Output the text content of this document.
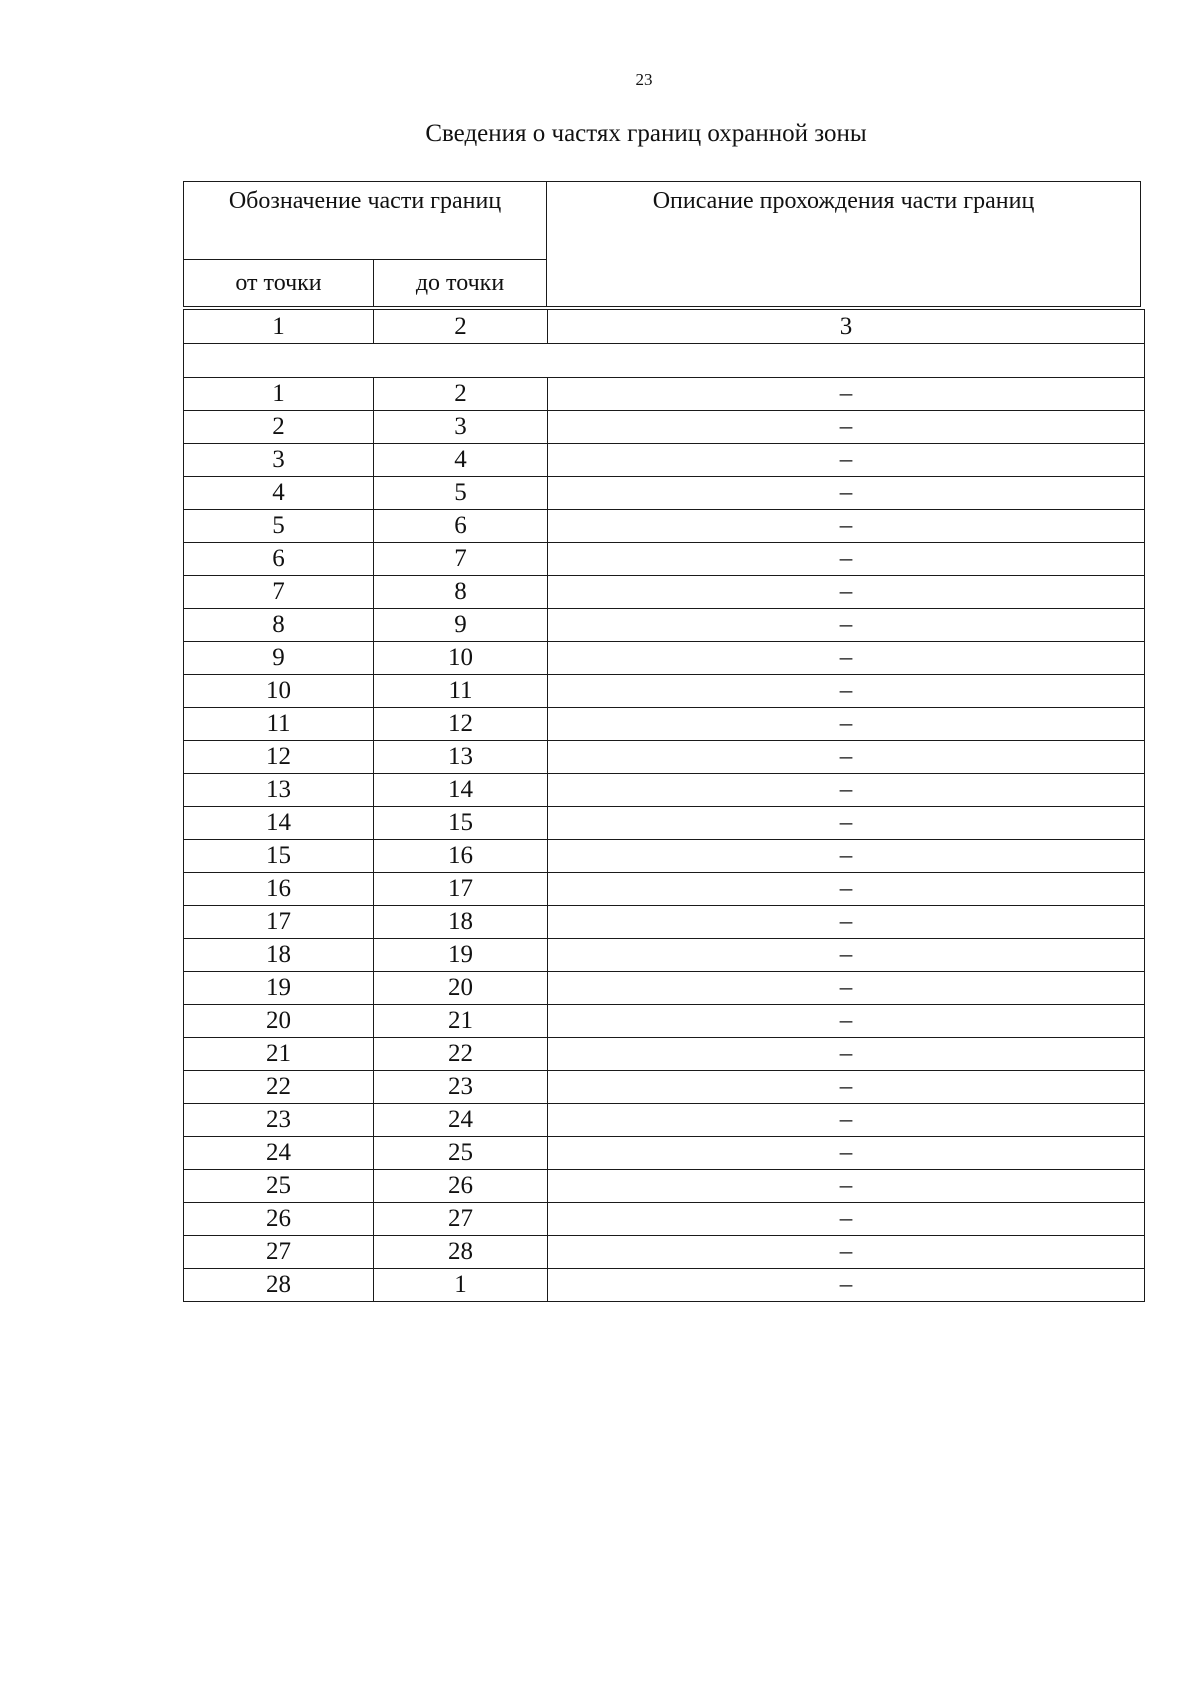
23
Сведения о частях границ охранной зоны
Обозначение части границ		Описание прохождения части границ
от точки	до точки	
1	2	3

1	2	–
2	3	–
3	4	–
4	5	–
5	6	–
6	7	–
7	8	–
8	9	–
9	10	–
10	11	–
11	12	–
12	13	–
13	14	–
14	15	–
15	16	–
16	17	–
17	18	–
18	19	–
19	20	–
20	21	–
21	22	–
22	23	–
23	24	–
24	25	–
25	26	–
26	27	–
27	28	–
28	1	–
